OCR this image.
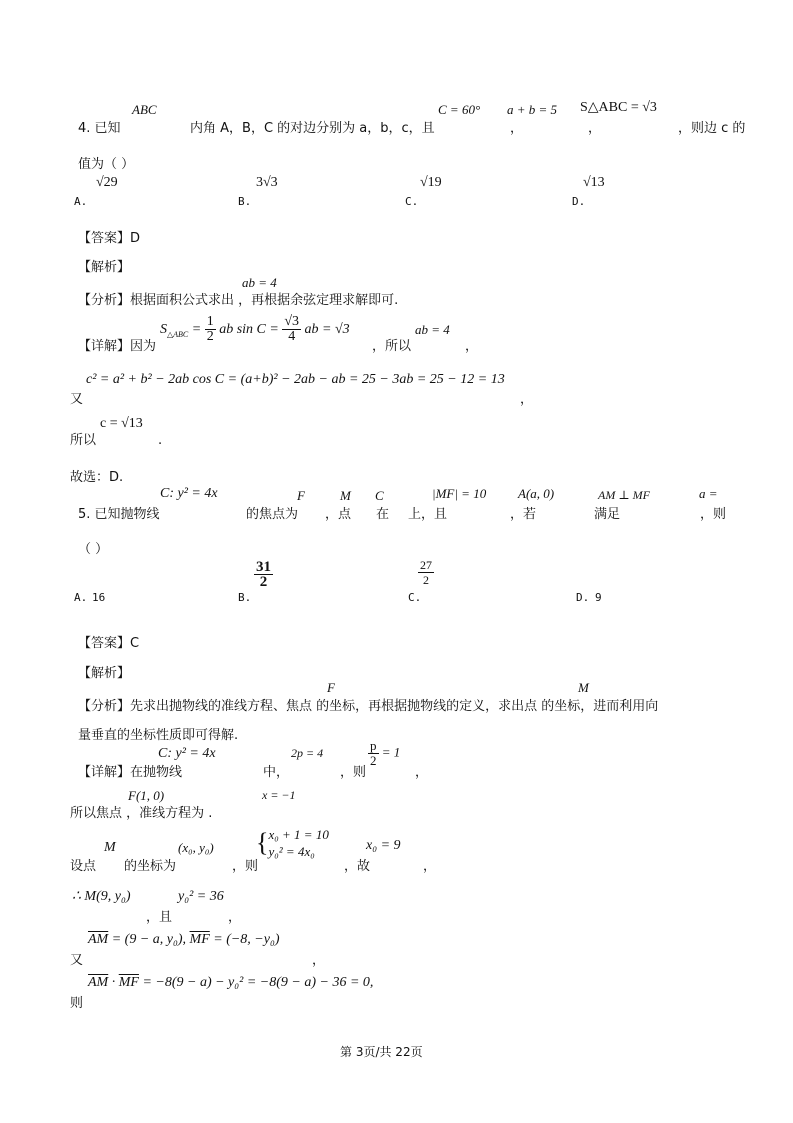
ABC	C = 60° a + b = 5 S△ABC = √3
4. 已知	内角 A，B，C 的对边分别为 a，b，c，且	，	，	，则边 c 的
值为（ ）
√29	3√3	√19	√13
A.	B.	C.	D.
【答案】D
【解析】
ab = 4
【分析】根据面积公式求出 ，再根据余弦定理求解即可.
$S_{\triangle ABC} = \frac{1}{2}$ ab $\sin C = \frac{√3}{4}$ ab = √3	ab = 4
【详解】因为	，所以	，
c² = a² + b² − 2ab cos C = (a+b)² − 2ab − ab = 25 − 3ab = 25 − 12 = 13
又	，
c = √13
所以	.
故选：D.
C: y² = 4x	F	M C	|MF| = 10 A(a, 0)	AM ⊥ MF	a =
5. 已知抛物线	的焦点为 ，点 在 上，且	，若	满足	，则
（ ）
A. 16	B.
$\frac{31}{2}$
C.
$\frac{27}{2}$
D. 9
【答案】C
【解析】
F	M
【分析】先求出抛物线的准线方程、焦点 的坐标，再根据抛物线的定义，求出点 的坐标，进而利用向
量垂直的坐标性质即可得解.
C: y² = 4x	2p = 4	$\frac{p}{2} = 1$
【详解】在抛物线	中，	，则	，
F(1, 0)	x = −1
所以焦点 ，准线方程为 .
M	(x₀, y₀) {x₀ + 1 = 10
y₀² = 4x₀	x₀ = 9
设点 的坐标为	，则	，故	，
∴ M(9, y₀)	y₀² = 36
，且	，
$\overline{AM} = (9 - a$, y₀), $\overline{MF} = (-8$, −y₀)
又	，
$\overline{AM} \cdot \overline{MF} = -8(9 - a) - y_0^2 = -8(9 - a) - 36 = 0$,
则
第 3页/共 22页
